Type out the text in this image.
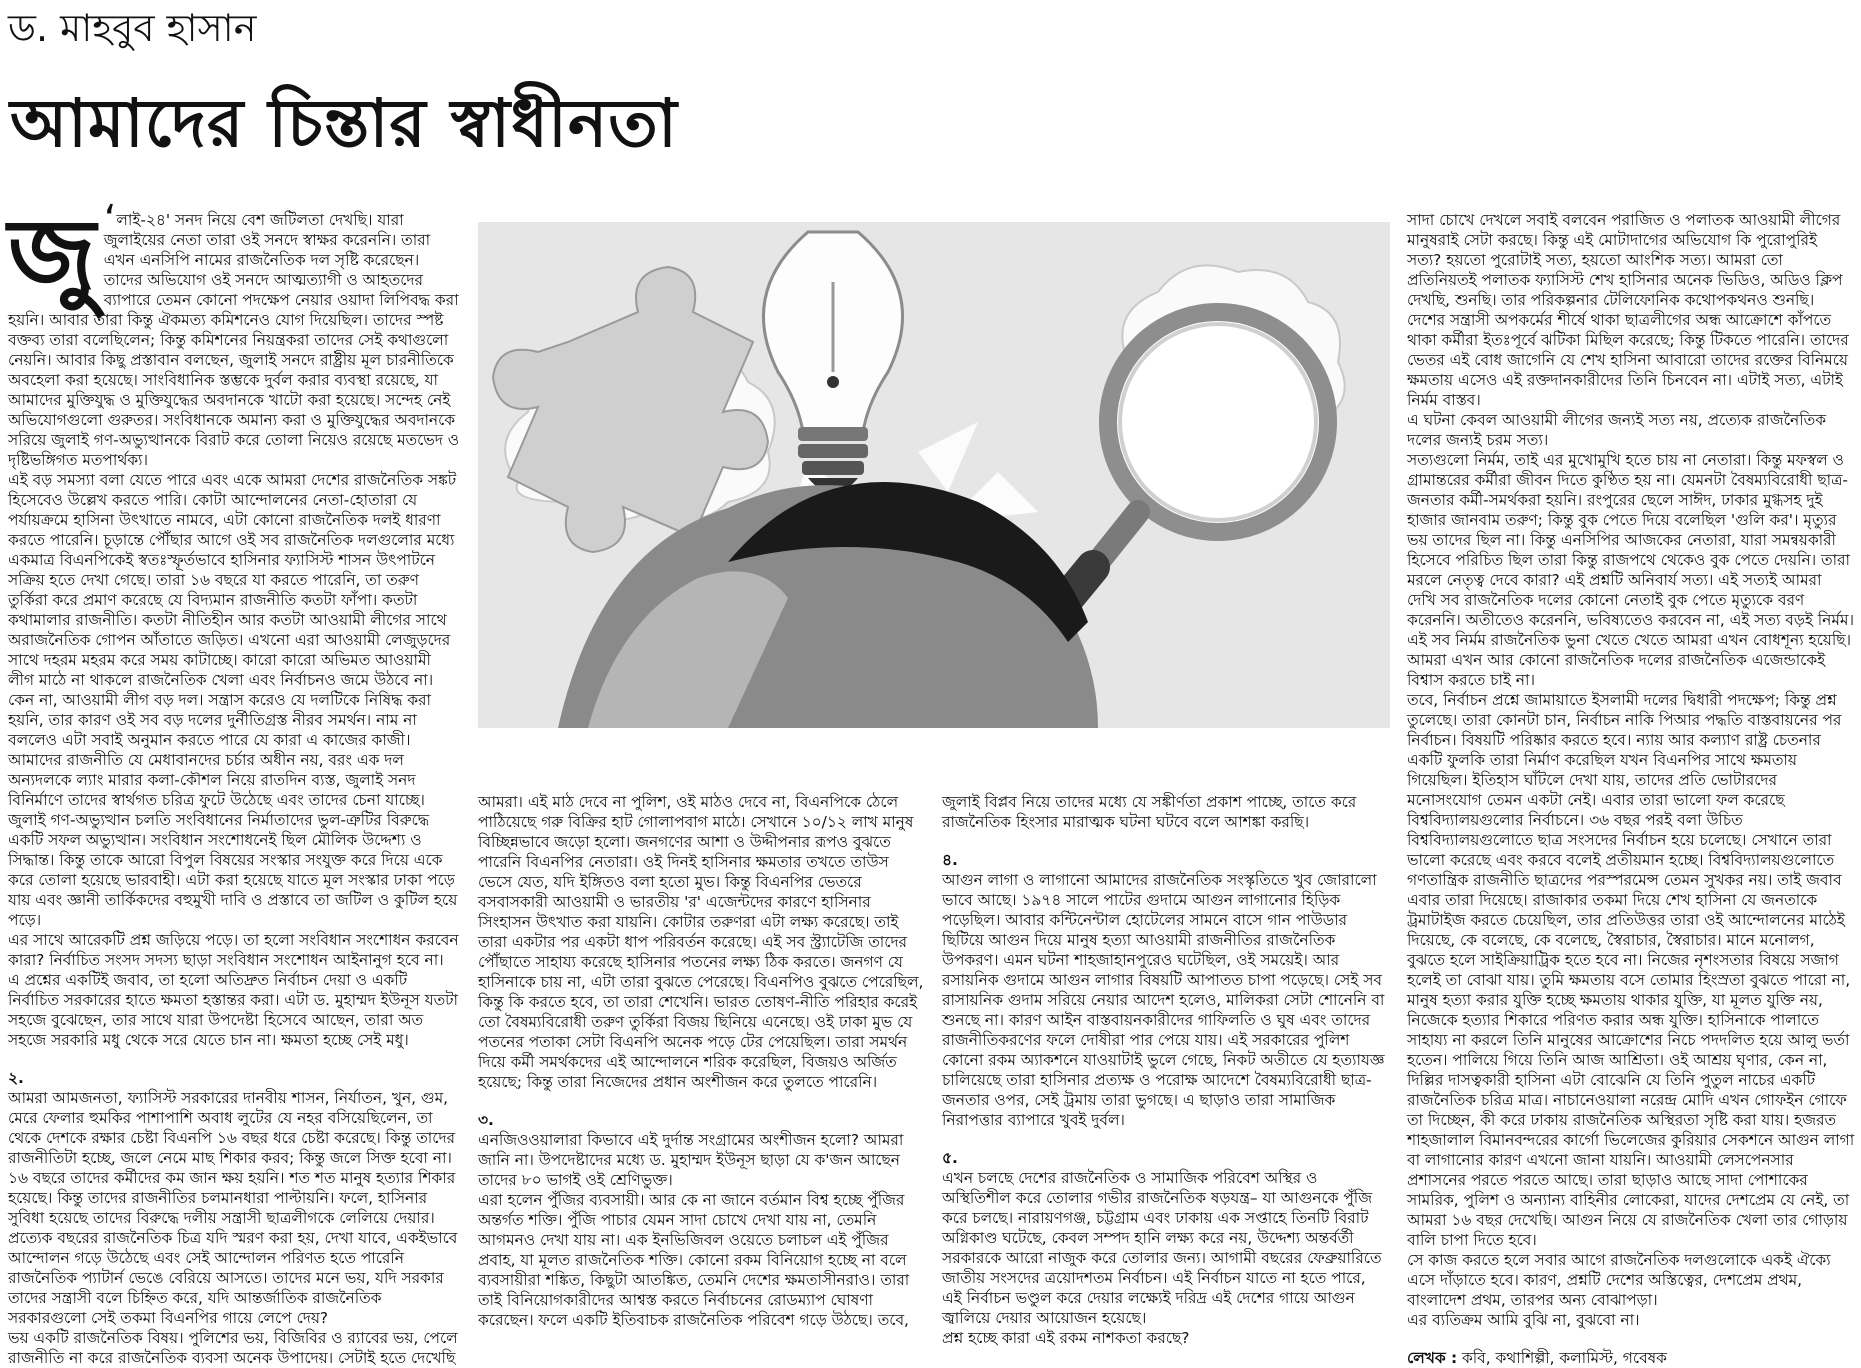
ড. মাহবুব হাসান
আমাদের চিন্তার স্বাধীনতা

‘
জু লাই-২৪' সনদ নিয়ে বেশ জটিলতা দেখছি। যারা জুলাইয়ের নেতা তারা ওই সনদে স্বাক্ষর করেননি। তারা এখন এনসিপি নামের রাজনৈতিক দল সৃষ্টি করেছেন। তাদের অভিযোগ ওই সনদে আত্মত্যাগী ও আহতদের ব্যাপারে তেমন কোনো পদক্ষেপ নেয়ার ওয়াদা লিপিবদ্ধ করা হয়নি। আবার তারা কিন্তু ঐকমত্য কমিশনেও যোগ দিয়েছিল। তাদের স্পষ্ট বক্তব্য তারা বলেছিলেন; কিন্তু কমিশনের নিয়ন্ত্রকরা তাদের সেই কথাগুলো নেয়নি। আবার কিছু প্রস্তাবান বলছেন, জুলাই সনদে রাষ্ট্রীয় মূল চারনীতিকে অবহেলা করা হয়েছে। সাংবিধানিক স্তম্ভকে দুর্বল করার ব্যবস্থা রয়েছে, যা আমাদের মুক্তিযুদ্ধ ও মুক্তিযুদ্ধের অবদানকে খাটো করা হয়েছে। সন্দেহ নেই অভিযোগগুলো গুরুতর। সংবিধানকে অমান্য করা ও মুক্তিযুদ্ধের অবদানকে সরিয়ে জুলাই গণ-অভ্যুত্থানকে বিরাট করে তোলা নিয়েও রয়েছে মতভেদ ও দৃষ্টিভঙ্গিগত মতপার্থক্য।

এই বড় সমস্যা বলা যেতে পারে এবং একে আমরা দেশের রাজনৈতিক সঙ্কট হিসেবেও উল্লেখ করতে পারি। কোটা আন্দোলনের নেতা-হোতারা যে পর্যায়ক্রমে হাসিনা উৎখাতে নামবে, এটা কোনো রাজনৈতিক দলই ধারণা করতে পারেনি। চূড়ান্তে পৌঁছার আগে ওই সব রাজনৈতিক দলগুলোর মধ্যে একমাত্র বিএনপিকেই স্বতঃস্ফূর্তভাবে হাসিনার ফ্যাসিস্ট শাসন উৎপাটনে সক্রিয় হতে দেখা গেছে। তারা ১৬ বছরে যা করতে পারেনি, তা তরুণ তুর্কিরা করে প্রমাণ করেছে যে বিদ্যমান রাজনীতি কতটা ফাঁপা। কতটা কথামালার রাজনীতি। কতটা নীতিহীন আর কতটা আওয়ামী লীগের সাথে অরাজনৈতিক গোপন আঁতাতে জড়িত। এখনো এরা আওয়ামী লেজুড়দের সাথে দহরম মহরম করে সময় কাটাচ্ছে। কারো কারো অভিমত আওয়ামী লীগ মাঠে না থাকলে রাজনৈতিক খেলা এবং নির্বাচনও জমে উঠবে না। কেন না, আওয়ামী লীগ বড় দল। সন্ত্রাস করেও যে দলটিকে নিষিদ্ধ করা হয়নি, তার কারণ ওই সব বড় দলের দুর্নীতিগ্রস্ত নীরব সমর্থন। নাম না বললেও এটা সবাই অনুমান করতে পারে যে কারা এ কাজের কাজী।

আমাদের রাজনীতি যে মেধাবানদের চর্চার অধীন নয়, বরং এক দল অন্যদলকে ল্যাং মারার কলা-কৌশল নিয়ে রাতদিন ব্যস্ত, জুলাই সনদ বিনির্মাণে তাদের স্বার্থগত চরিত্র ফুটে উঠেছে এবং তাদের চেনা যাচ্ছে। জুলাই গণ-অভ্যুত্থান চলতি সংবিধানের নির্মাতাদের ভুল-ত্রুটির বিরুদ্ধে একটি সফল অভ্যুত্থান। সংবিধান সংশোধনেই ছিল মৌলিক উদ্দেশ্য ও সিদ্ধান্ত। কিন্তু তাকে আরো বিপুল বিষয়ের সংস্কার সংযুক্ত করে দিয়ে একে করে তোলা হয়েছে ভারবাহী। এটা করা হয়েছে যাতে মূল সংস্কার ঢাকা পড়ে যায় এবং জ্ঞানী তার্কিকদের বহুমুখী দাবি ও প্রস্তাবে তা জটিল ও কুটিল হয়ে পড়ে।

এর সাথে আরেকটি প্রশ্ন জড়িয়ে পড়ে। তা হলো সংবিধান সংশোধন করবেন কারা? নির্বাচিত সংসদ সদস্য ছাড়া সংবিধান সংশোধন আইনানুগ হবে না। এ প্রশ্নের একটিই জবাব, তা হলো অতিদ্রুত নির্বাচন দেয়া ও একটি নির্বাচিত সরকারের হাতে ক্ষমতা হস্তান্তর করা। এটা ড. মুহাম্মদ ইউনূস যতটা সহজে বুঝেছেন, তার সাথে যারা উপদেষ্টা হিসেবে আছেন, তারা অত সহজে সরকারি মধু থেকে সরে যেতে চান না। ক্ষমতা হচ্ছে সেই মধু।

২.

আমরা আমজনতা, ফ্যাসিস্ট সরকারের দানবীয় শাসন, নির্যাতন, খুন, গুম, মেরে ফেলার হুমকির পাশাপাশি অবাধ লুটের যে নহর বসিয়েছিলেন, তা থেকে দেশকে রক্ষার চেষ্টা বিএনপি ১৬ বছর ধরে চেষ্টা করেছে। কিন্তু তাদের রাজনীতিটা হচ্ছে, জলে নেমে মাছ শিকার করব; কিন্তু জলে সিক্ত হবো না। ১৬ বছরে তাদের কর্মীদের কম জান ক্ষয় হয়নি। শত শত মানুষ হত্যার শিকার হয়েছে। কিন্তু তাদের রাজনীতির চলমানধারা পাল্টায়নি। ফলে, হাসিনার সুবিধা হয়েছে তাদের বিরুদ্ধে দলীয় সন্ত্রাসী ছাত্রলীগকে লেলিয়ে দেয়ার। প্রত্যেক বছরের রাজনৈতিক চিত্র যদি স্মরণ করা হয়, দেখা যাবে, একইভাবে আন্দোলন গড়ে উঠেছে এবং সেই আন্দোলন পরিণত হতে পারেনি রাজনৈতিক প্যাটার্ন ভেঙে বেরিয়ে আসতে। তাদের মনে ভয়, যদি সরকার তাদের সন্ত্রাসী বলে চিহ্নিত করে, যদি আন্তর্জাতিক রাজনৈতিক সরকারগুলো সেই তকমা বিএনপির গায়ে লেপে দেয়?

ভয় একটি রাজনৈতিক বিষয়। পুলিশের ভয়, বিজিবির ও র‌্যাবের ভয়, পেলে রাজনীতি না করে রাজনৈতিক ব্যবসা অনেক উপাদেয়। সেটাই হতে দেখেছি

আমরা। এই মাঠ দেবে না পুলিশ, ওই মাঠও দেবে না, বিএনপিকে ঠেলে পাঠিয়েছে গরু বিক্রির হাট গোলাপবাগ মাঠে। সেখানে ১০/১২ লাখ মানুষ বিচ্ছিন্নভাবে জড়ো হলো। জনগণের আশা ও উদ্দীপনার রূপও বুঝতে পারেনি বিএনপির নেতারা। ওই দিনই হাসিনার ক্ষমতার তখতে তাউস ভেসে যেত, যদি ইঙ্গিতও বলা হতো মুভ। কিন্তু বিএনপির ভেতরে বসবাসকারী আওয়ামী ও ভারতীয় 'র' এজেন্টদের কারণে হাসিনার সিংহাসন উৎখাত করা যায়নি। কোটার তরুণরা এটা লক্ষ্য করেছে। তাই তারা একটার পর একটা ধাপ পরিবর্তন করেছে। এই সব স্ট্র্যাটেজি তাদের পৌঁছাতে সাহায্য করেছে হাসিনার পতনের লক্ষ্য ঠিক করতে। জনগণ যে হাসিনাকে চায় না, এটা তারা বুঝতে পেরেছে। বিএনপিও বুঝতে পেরেছিল, কিন্তু কি করতে হবে, তা তারা শেখেনি। ভারত তোষণ-নীতি পরিহার করেই তো বৈষম্যবিরোধী তরুণ তুর্কিরা বিজয় ছিনিয়ে এনেছে। ওই ঢাকা মুভ যে পতনের পতাকা সেটা বিএনপি অনেক পড়ে টের পেয়েছিল। তারা সমর্থন দিয়ে কর্মী সমর্থকদের এই আন্দোলনে শরিক করেছিল, বিজয়ও অর্জিত হয়েছে; কিন্তু তারা নিজেদের প্রধান অংশীজন করে তুলতে পারেনি।

৩.

এনজিওওয়ালারা কিভাবে এই দুর্দান্ত সংগ্রামের অংশীজন হলো? আমরা জানি না। উপদেষ্টাদের মধ্যে ড. মুহাম্মদ ইউনূস ছাড়া যে ক'জন আছেন তাদের ৮০ ভাগই ওই শ্রেণিভুক্ত।

এরা হলেন পুঁজির ব্যবসায়ী। আর কে না জানে বর্তমান বিশ্ব হচ্ছে পুঁজির অন্তর্গত শক্তি। পুঁজি পাচার যেমন সাদা চোখে দেখা যায় না, তেমনি আগমনও দেখা যায় না। এক ইনভিজিবল ওয়েতে চলাচল এই পুঁজির প্রবাহ, যা মূলত রাজনৈতিক শক্তি। কোনো রকম বিনিয়োগ হচ্ছে না বলে ব্যবসায়ীরা শঙ্কিত, কিছুটা আতঙ্কিত, তেমনি দেশের ক্ষমতাসীনরাও। তারা তাই বিনিয়োগকারীদের আশ্বস্ত করতে নির্বাচনের রোডম্যাপ ঘোষণা করেছেন। ফলে একটি ইতিবাচক রাজনৈতিক পরিবেশ গড়ে উঠছে। তবে,

জুলাই বিপ্লব নিয়ে তাদের মধ্যে যে সঙ্কীর্ণতা প্রকাশ পাচ্ছে, তাতে করে রাজনৈতিক হিংসার মারাত্মক ঘটনা ঘটবে বলে আশঙ্কা করছি।

৪.

আগুন লাগা ও লাগানো আমাদের রাজনৈতিক সংস্কৃতিতে খুব জোরালো ভাবে আছে। ১৯৭৪ সালে পাটের গুদামে আগুন লাগানোর হিড়িক পড়েছিল। আবার কন্টিনেন্টাল হোটেলের সামনে বাসে গান পাউডার ছিটিয়ে আগুন দিয়ে মানুষ হত্যা আওয়ামী রাজনীতির রাজনৈতিক উপকরণ। এমন ঘটনা শাহজাহানপুরেও ঘটেছিল, ওই সময়েই। আর রসায়নিক গুদামে আগুন লাগার বিষয়টি আপাতত চাপা পড়েছে। সেই সব রাসায়নিক গুদাম সরিয়ে নেয়ার আদেশ হলেও, মালিকরা সেটা শোনেনি বা শুনছে না। কারণ আইন বাস্তবায়নকারীদের গাফিলতি ও ঘুষ এবং তাদের রাজনীতিকরণের ফলে দোষীরা পার পেয়ে যায়। এই সরকারের পুলিশ কোনো রকম অ্যাকশনে যাওয়াটাই ভুলে গেছে, নিকট অতীতে যে হত্যাযজ্ঞ চালিয়েছে তারা হাসিনার প্রত্যক্ষ ও পরোক্ষ আদেশে বৈষম্যবিরোধী ছাত্র-জনতার ওপর, সেই ট্রমায় তারা ভুগছে। এ ছাড়াও তারা সামাজিক নিরাপত্তার ব্যাপারে খুবই দুর্বল।

৫.

এখন চলছে দেশের রাজনৈতিক ও সামাজিক পরিবেশ অস্থির ও অস্থিতিশীল করে তোলার গভীর রাজনৈতিক ষড়যন্ত্র– যা আগুনকে পুঁজি করে চলছে। নারায়ণগঞ্জ, চট্টগ্রাম এবং ঢাকায় এক সপ্তাহে তিনটি বিরাট অগ্নিকাণ্ড ঘটেছে, কেবল সম্পদ হানি লক্ষ্য করে নয়, উদ্দেশ্য অন্তর্বর্তী সরকারকে আরো নাজুক করে তোলার জন্য। আগামী বছরের ফেব্রুয়ারিতে জাতীয় সংসদের ত্রয়োদশতম নির্বাচন। এই নির্বাচন যাতে না হতে পারে, এই নির্বাচন ভণ্ডুল করে দেয়ার লক্ষ্যেই দরিদ্র এই দেশের গায়ে আগুন জ্বালিয়ে দেয়ার আয়োজন হয়েছে।

প্রশ্ন হচ্ছে কারা এই রকম নাশকতা করছে?

সাদা চোখে দেখলে সবাই বলবেন পরাজিত ও পলাতক আওয়ামী লীগের মানুষরাই সেটা করছে। কিন্তু এই মোটাদাগের অভিযোগ কি পুরোপুরিই সত্য? হয়তো পুরোটাই সত্য, হয়তো আংশিক সত্য। আমরা তো প্রতিনিয়তই পলাতক ফ্যাসিস্ট শেখ হাসিনার অনেক ভিডিও, অডিও ক্লিপ দেখছি, শুনছি। তার পরিকল্পনার টেলিফোনিক কথোপকথনও শুনছি। দেশের সন্ত্রাসী অপকর্মের শীর্ষে থাকা ছাত্রলীগের অন্ধ আক্রোশে কাঁপতে থাকা কর্মীরা ইতঃপূর্বে ঝটিকা মিছিল করেছে; কিন্তু টিকতে পারেনি। তাদের ভেতর এই বোধ জাগেনি যে শেখ হাসিনা আবারো তাদের রক্তের বিনিময়ে ক্ষমতায় এসেও এই রক্তদানকারীদের তিনি চিনবেন না। এটাই সত্য, এটাই নির্মম বাস্তব।

এ ঘটনা কেবল আওয়ামী লীগের জন্যই সত্য নয়, প্রত্যেক রাজনৈতিক দলের জন্যই চরম সত্য।

সত্যগুলো নির্মম, তাই এর মুখোমুখি হতে চায় না নেতারা। কিন্তু মফস্বল ও গ্রামান্তরের কর্মীরা জীবন দিতে কুণ্ঠিত হয় না। যেমনটা বৈষম্যবিরোধী ছাত্র-জনতার কর্মী-সমর্থকরা হয়নি। রংপুরের ছেলে সাঈদ, ঢাকার মুগ্ধসহ দুই হাজার জানবাম তরুণ; কিন্তু বুক পেতে দিয়ে বলেছিল 'গুলি কর'। মৃত্যুর ভয় তাদের ছিল না। কিন্তু এনসিপির আজকের নেতারা, যারা সমন্বয়কারী হিসেবে পরিচিত ছিল তারা কিন্তু রাজপথে থেকেও বুক পেতে দেয়নি। তারা মরলে নেতৃত্ব দেবে কারা? এই প্রশ্নটি অনিবার্য সত্য। এই সত্যই আমরা দেখি সব রাজনৈতিক দলের কোনো নেতাই বুক পেতে মৃত্যুকে বরণ করেননি। অতীতেও করেননি, ভবিষ্যতেও করবেন না, এই সত্য বড়ই নির্মম।

এই সব নির্মম রাজনৈতিক ভুনা খেতে খেতে আমরা এখন বোধশূন্য হয়েছি। আমরা এখন আর কোনো রাজনৈতিক দলের রাজনৈতিক এজেন্ডাকেই বিশ্বাস করতে চাই না।

তবে, নির্বাচন প্রশ্নে জামায়াতে ইসলামী দলের দ্বিধারী পদক্ষেপ; কিন্তু প্রশ্ন তুলেছে। তারা কোনটা চান, নির্বাচন নাকি পিআর পদ্ধতি বাস্তবায়নের পর নির্বাচন। বিষয়টি পরিষ্কার করতে হবে। ন্যায় আর কল্যাণ রাষ্ট্র চেতনার একটি ফুলকি তারা নির্মাণ করেছিল যখন বিএনপির সাথে ক্ষমতায় গিয়েছিল। ইতিহাস ঘাঁটলে দেখা যায়, তাদের প্রতি ভোটারদের মনোসংযোগ তেমন একটা নেই। এবার তারা ভালো ফল করেছে বিশ্ববিদ্যালয়গুলোর নির্বাচনে। ৩৬ বছর পরই বলা উচিত বিশ্ববিদ্যালয়গুলোতে ছাত্র সংসদের নির্বাচন হয়ে চলেছে। সেখানে তারা ভালো করেছে এবং করবে বলেই প্রতীয়মান হচ্ছে। বিশ্ববিদ্যালয়গুলোতে গণতান্ত্রিক রাজনীতি ছাত্রদের পরস্পরমেন্স তেমন সুখকর নয়। তাই জবাব এবার তারা দিয়েছে। রাজাকার তকমা দিয়ে শেখ হাসিনা যে জনতাকে ট্রমাটাইজ করতে চেয়েছিল, তার প্রতিউত্তর তারা ওই আন্দোলনের মাঠেই দিয়েছে, কে বলেছে, কে বলেছে, স্বৈরাচার, স্বৈরাচার। মানে মনোলগ, বুঝতে হলে সাইক্রিয়াট্রিক হতে হবে না। নিজের নৃশংসতার বিষয়ে সজাগ হলেই তা বোঝা যায়। তুমি ক্ষমতায় বসে তোমার হিংস্রতা বুঝতে পারো না, মানুষ হত্যা করার যুক্তি হচ্ছে ক্ষমতায় থাকার যুক্তি, যা মূলত যুক্তি নয়, নিজেকে হত্যার শিকারে পরিণত করার অন্ধ যুক্তি। হাসিনাকে পালাতে সাহায্য না করলে তিনি মানুষের আক্রোশের নিচে পদদলিত হয়ে আলু ভর্তা হতেন। পালিয়ে গিয়ে তিনি আজ আশ্রিতা। ওই আশ্রয় ঘৃণার, কেন না, দিল্লির দাসত্বকারী হাসিনা এটা বোঝেনি যে তিনি পুতুল নাচের একটি রাজনৈতিক চরিত্র মাত্র। নাচানেওয়ালা নরেন্দ্র মোদি এখন গোফইন গোফে তা দিচ্ছেন, কী করে ঢাকায় রাজনৈতিক অস্থিরতা সৃষ্টি করা যায়। হজরত শাহজালাল বিমানবন্দরের কার্গো ভিলেজের কুরিয়ার সেকশনে আগুন লাগা বা লাগানোর কারণ এখনো জানা যায়নি। আওয়ামী লেসপেনসার প্রশাসনের পরতে পরতে আছে। তারা ছাড়াও আছে সাদা পোশাকের সামরিক, পুলিশ ও অন্যান্য বাহিনীর লোকেরা, যাদের দেশপ্রেম যে নেই, তা আমরা ১৬ বছর দেখেছি। আগুন নিয়ে যে রাজনৈতিক খেলা তার গোড়ায় বালি চাপা দিতে হবে।

সে কাজ করতে হলে সবার আগে রাজনৈতিক দলগুলোকে একই ঐক্যে এসে দাঁড়াতে হবে। কারণ, প্রশ্নটি দেশের অস্তিত্বের, দেশপ্রেম প্রথম, বাংলাদেশ প্রথম, তারপর অন্য বোঝাপড়া।

এর ব্যতিক্রম আমি বুঝি না, বুঝবো না।

লেখক : কবি, কথাশিল্পী, কলামিস্ট, গবেষক
